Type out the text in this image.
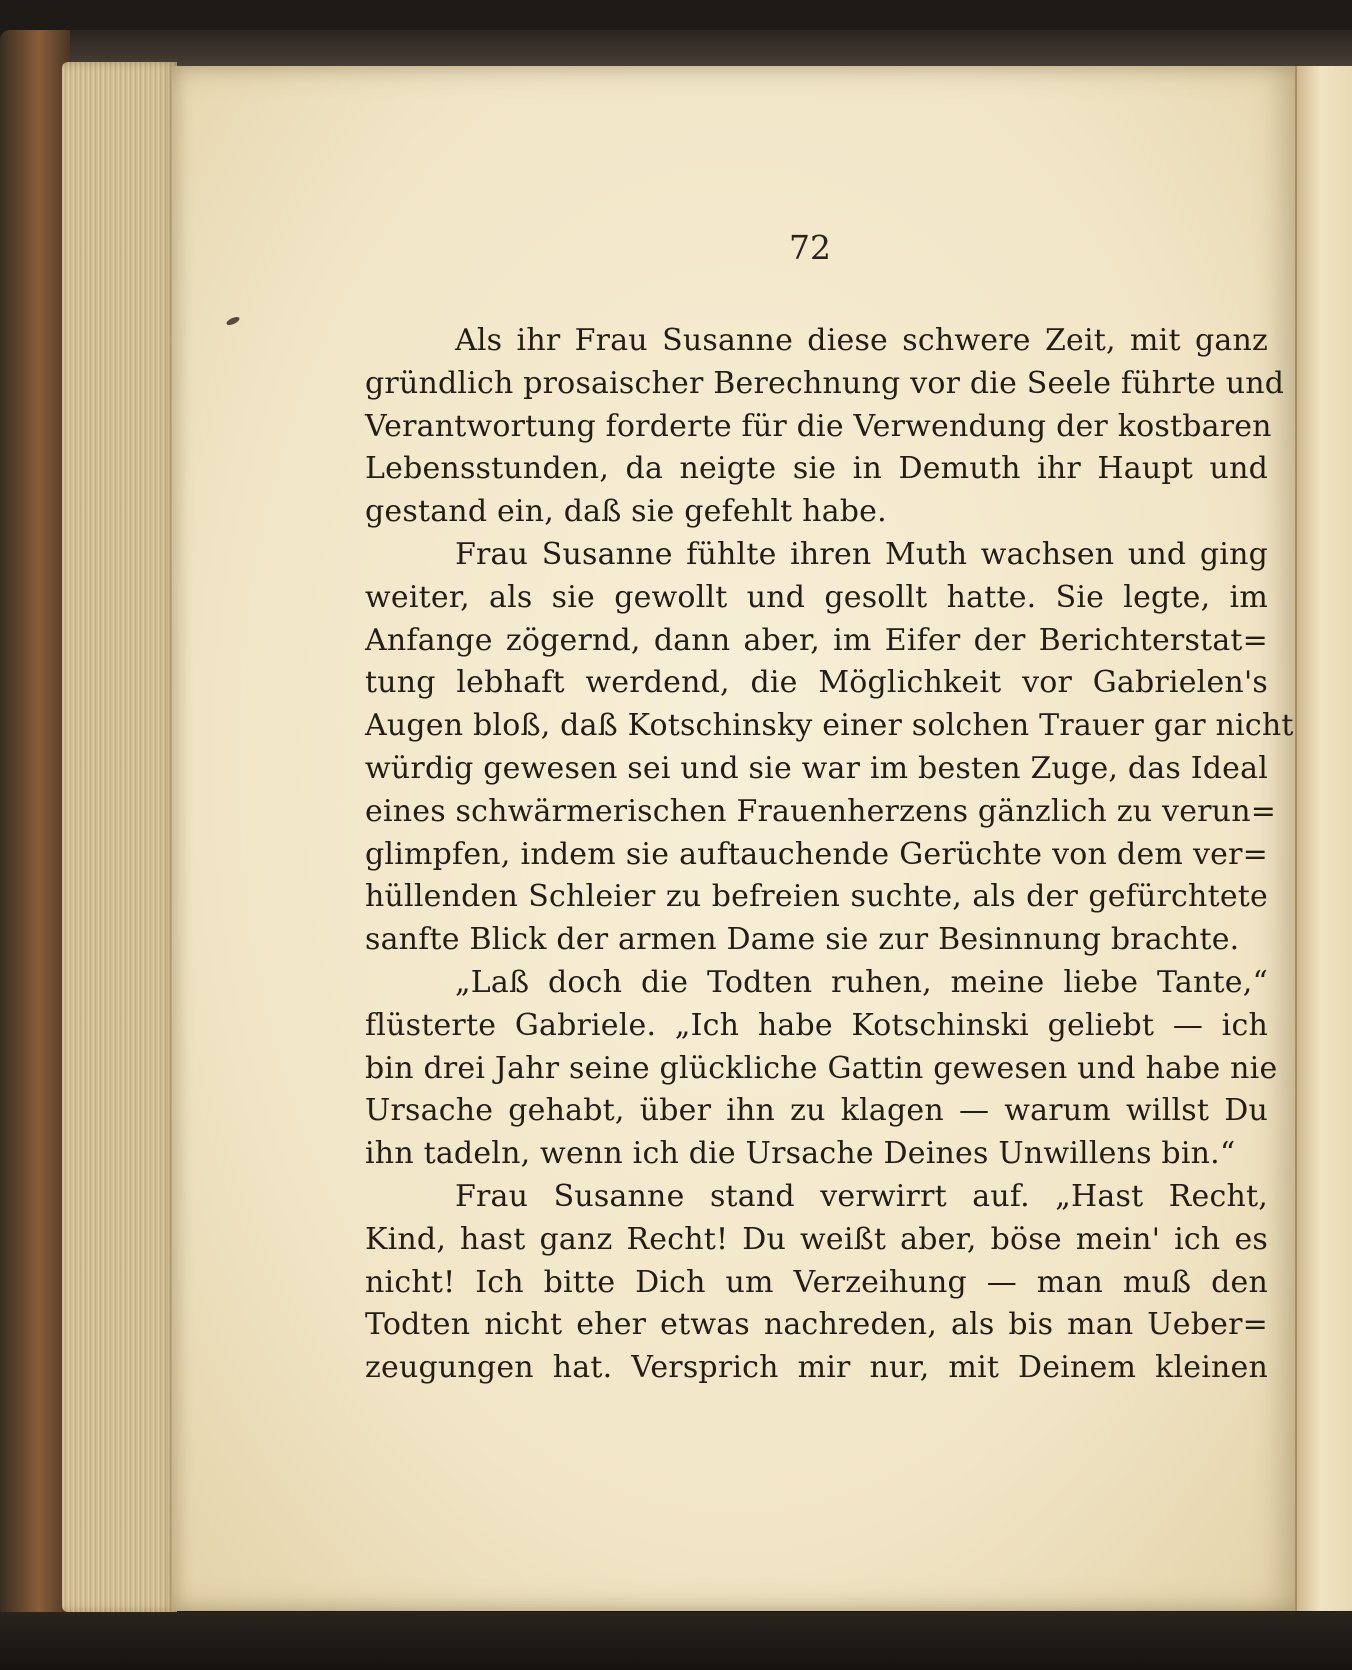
72
Als ihr Frau Susanne diese schwere Zeit, mit ganz
gründlich prosaischer Berechnung vor die Seele führte und
Verantwortung forderte für die Verwendung der kostbaren
Lebensstunden, da neigte sie in Demuth ihr Haupt und
gestand ein, daß sie gefehlt habe.
Frau Susanne fühlte ihren Muth wachsen und ging
weiter, als sie gewollt und gesollt hatte. Sie legte, im
Anfange zögernd, dann aber, im Eifer der Berichterstat=
tung lebhaft werdend, die Möglichkeit vor Gabrielen's
Augen bloß, daß Kotschinsky einer solchen Trauer gar nicht
würdig gewesen sei und sie war im besten Zuge, das Ideal
eines schwärmerischen Frauenherzens gänzlich zu verun=
glimpfen, indem sie auftauchende Gerüchte von dem ver=
hüllenden Schleier zu befreien suchte, als der gefürchtete
sanfte Blick der armen Dame sie zur Besinnung brachte.
„Laß doch die Todten ruhen, meine liebe Tante,“
flüsterte Gabriele. „Ich habe Kotschinski geliebt — ich
bin drei Jahr seine glückliche Gattin gewesen und habe nie
Ursache gehabt, über ihn zu klagen — warum willst Du
ihn tadeln, wenn ich die Ursache Deines Unwillens bin.“
Frau Susanne stand verwirrt auf. „Hast Recht,
Kind, hast ganz Recht! Du weißt aber, böse mein' ich es
nicht! Ich bitte Dich um Verzeihung — man muß den
Todten nicht eher etwas nachreden, als bis man Ueber=
zeugungen hat. Versprich mir nur, mit Deinem kleinen
